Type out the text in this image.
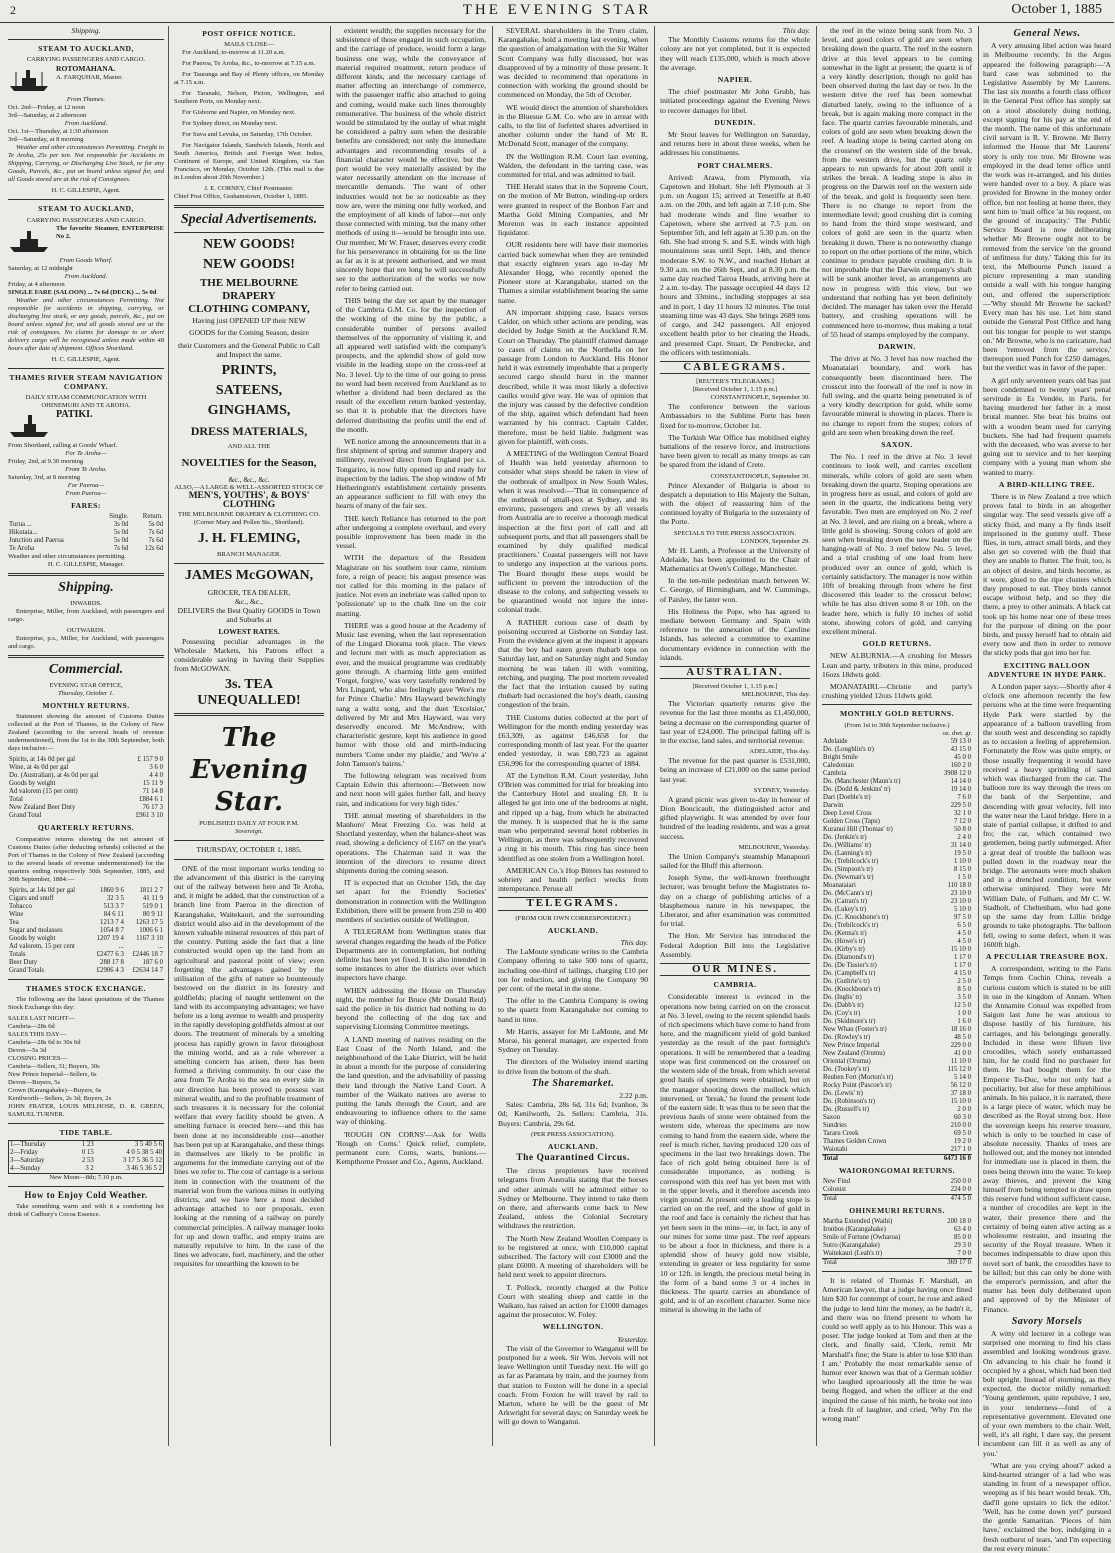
2	THE EVENING STAR	October 1, 1885
Shipping.
STEAM TO AUCKLAND,
CARRYING PASSENGERS AND CARGO.
ROTOMAHANA.
A. FARQUHAR, Master.
From Thames.
Oct. 2nd—Friday, at 12 noon
3rd—Saturday, at 2 afternoon
From Auckland.
Oct. 1st—Thursday, at 1:30 afternoon
3rd—Saturday, at 8 morning

Weather and other circumstances Permitting. Freight to Te Aroha, 25s per ton. Not responsible for Accidents in Shipping, Carrying, or Discharging Live Stock, or for any Goods, Parcels, &c., put on board unless signed for, and all Goods stored are at the risk of Consignees.

H. C. GILLESPIE, Agent.
STEAM TO AUCKLAND,
CARRYING PASSENGERS AND CARGO.
The favorite Steamer, ENTERPRISE No 2.
From Goods Wharf.
Saturday, at 12 midnight
From Auckland.
Friday, at 4 afternoon
SINGLE FARE (SALOON) ... 7s 6d (DECK) ... 5s 0d

Weather and other circumstances Permitting. Not responsible for accidents in shipping, carrying, or discharging live stock, or any goods, parcels, &c., put on board unless signed for, and all goods stored are at the risk of consignees. No claims for damage to or short delivery cargo will be recognised unless made within 48 hours after date of shipment. Offices Shortland.

H. C. GILLESPIE, Agent.
THAMES RIVER STEAM NAVIGATION COMPANY.
DAILY STEAM COMMUNICATION WITH OHINEMURI AND TE AROHA.
PATIKI.
From Shortland, calling at Goods' Wharf.
For Te Aroha—
Friday, 2nd, at 9.30 morning
From Te Aroha.
Saturday, 3rd, at 8 morning
For Paeroa—
From Paeroa—
FARES:
	Single.	Return.
Turua ...	3s 0d	5s 0d
Hikutaia...	5s 0d	7s 6d
Junction and Paeroa	5s 0d	7s 6d
Te Aroha	7s 6d	12s 6d
Weather and other circumstances permitting.
H. C. GILLESPIE, Manager.
Shipping.
INWARDS.

Enterprise, Miller, from Auckland, with passengers and cargo.

OUTWARDS.

Enterprise, p.s., Miller, for Auckland, with passengers and cargo.

Commercial.
EVENING STAR OFFICE,
Thursday, October 1.
MONTHLY RETURNS.

Statement showing the amount of Customs Duties collected at the Port of Thames, in the Colony of New Zealand (according to the several heads of revenue undermentioned), from the 1st to the 30th September, both days inclusive:—

Spirits, at 14s 0d per gal	£ 157 9 0
Wine, at 4s 0d per gal	3 6 0
Do. (Australian), at 4s 0d per gal	4 4 0
Goods by weight	15 11 9
Ad valorem (15 per cent)	71 14 8
Total	£884 6 1
New Zealand Beer Duty	76 17 3
Grand Total	£961 3 10
QUARTERLY RETURNS.

Comparative returns showing the net amount of Customs Duties (after deducting refunds) collected at the Port of Thames in the Colony of New Zealand (according to the several heads of revenue undermentioned) for the quarters ending respectively 30th September, 1885, and 30th September, 1884:—

Spirits, at 14s 0d per gal	1860 9 6	1811 2 7
Cigars and snuff	32 3 5	41 11 9
Tobacco	513 3 7	519 0 1
Wine	84 6 11	80 9 11
Tea	1213 7 4	1263 17 5
Sugar and molasses	1054 8 7	1006 6 1
Goods by weight	1207 19 4	1167 3 10
Ad valorem, 15 per cent	...	...
Totals	£2477 6 3	£2446 18 7
Beer Duty	288 17 8	187 6 0
Grand Totals	£2906 4 3	£2634 14 7
THAMES STOCK EXCHANGE.

The following are the latest quotations of the Thames Stock Exchange this day:

SALES LAST NIGHT—
Cambria—28s 6d
SALES THIS DAY—
Cambria—28s 6d to 30s 6d
Devon—5s 3d
CLOSING PRICES—
Cambria—Sellers, 31; Buyers, 30s
New Prince Imperial—Sellers, 6s
Devon—Buyers, 5s
Crown (Karangahake)—Buyers, 6s
Kenilworth—Sellers, 2s 3d; Buyers, 2s
JOHN FRATER, LOUIS MELHOSE, D. R. GREEN, SAMUEL TURNER.
TIDE TABLE.
1—Thursday	1 23	3 5 40 5 6
2—Friday	0 15	4 0 5 38 5 40
3—Saturday	2 53	3 17 5 36 5 12
4—Sunday	3 2	3 46 5 36 5 2
New Moon—8th; 7.10 p.m.
How to Enjoy Cold Weather.

Take something warm and with it a comforting hot drink of Cadbury's Cocoa Essence.

POST OFFICE NOTICE.
MAILS CLOSE—

For Auckland, to-morrow at 11.20 a.m.

For Paeroa, Te Aroha, &c., to-morrow at 7.15 a.m.

For Tauranga and Bay of Plenty offices, on Monday at 7.15 a.m.

For Taranaki, Nelson, Picton, Wellington, and Southern Ports, on Monday next.

For Gisborne and Napier, on Monday next.

For Sydney direct, on Monday next.

For Suva and Levuka, on Saturday, 17th October.

For Navigator Islands, Sandwich Islands, North and South America, British and Foreign West Indies, Continent of Europe, and United Kingdom, via San Francisco, on Monday, October 12th. (This mail is due in London about 20th November.)

J. E. CORNEY, Chief Postmaster.
Chief Post Office, Grahamstown, October 1, 1885.
Special Advertisements.
NEW GOODS!
NEW GOODS!
THE MELBOURNE DRAPERY
CLOTHING COMPANY,

Having just OPENED UP their NEW

GOODS for the Coming Season, desire

their Customers and the General Public to Call and Inspect the same.

PRINTS,
SATEENS,
GINGHAMS,
DRESS MATERIALS,
AND ALL THE
NOVELTIES for the Season,
&c., &c., &c.
ALSO,—A LARGE & WELL-ASSORTED STOCK OF
MEN'S, YOUTHS', & BOYS' CLOTHING
THE MELBOURNE DRAPERY & CLOTHING CO.
(Corner Mary and Pollen Sts., Shortland).
J. H. FLEMING,
BRANCH MANAGER.
JAMES McGOWAN,
GROCER, TEA DEALER,
&c., &c.,

DELIVERS the Best Quality GOODS in Town and Suburbs at

LOWEST RATES.

Possessing peculiar advantages in the Wholesale Markets, his Patrons effect a considerable saving in having their Supplies from McGOWAN.

3s. TEA UNEQUALLED!
The Evening Star.
PUBLISHED DAILY AT FOUR P.M.
Sovereign.
THURSDAY, OCTOBER 1, 1885.

ONE of the most important works tending to the advancement of this district is the carrying out of the railway between here and Te Aroha, and, it might be added, that the construction of a branch line from Paeroa in the direction of Karangahake, Waitekauri, and the surrounding district would also aid in the development of the known valuable mineral resources of this part of the country. Putting aside the fact that a line constructed would open up the land from an agricultural and pastoral point of view; even forgetting the advantages gained by the utilisation of the gifts of nature so bounteously bestowed on the district in its forestry and goldfields; placing of naught settlement on the land with its accompanying advantages; we have before us a long avenue to wealth and prosperity in the rapidly developing goldfields almost at our doors. The treatment of minerals by a smelting process has rapidly grown in favor throughout the mining world, and as a rule wherever a smelting concern has arisen, there has been formed a thriving community. In our case the area from Te Aroha to the sea on every side in our direction has been proved to possess vast mineral wealth, and to the profitable treatment of such treasures it is necessary for the colonial welfare that every facility should be given. A smelting furnace is erected here—and this has been done at no inconsiderable cost—another has been put up at Karangahake, and these things in themselves are likely to be prolific in arguments for the immediate carrying out of the lines we refer to. The cost of carriage is a serious item in connection with the treatment of the material won from the various mines in outlying districts, and we have here a most decided advantage attached to our proposals, even looking at the running of a railway on purely commercial principles. A railway manager looks for up and down traffic, and empty trains are naturally repulsive to him. In the case of the lines we advocate, fuel, machinery, and the other requisites for unearthing the known to be

existent wealth; the supplies necessary for the subsistence of those engaged in such occupation, and the carriage of produce, would form a large business one way, while the conveyance of material required treatment, return produce of different kinds, and the necessary carriage of matter affecting an interchange of commerce, with the passenger traffic also attached to going and coming, would make such lines thoroughly remunerative. The business of the whole district would be stimulated by the outlay of what might be considered a paltry sum when the desirable benefits are considered; not only the immediate advantages and recommending results of a financial character would be effective, but the port would be very materially assisted by the water necessarily attendant on the increase of mercantile demands. The want of other industries would not be so noticeable as they now are, were the mining one fully worked, and the employment of all kinds of labor—not only those connected with mining, but the many other methods of using it—would be brought into use. Our member, Mr W. Fraser, deserves every credit for his perseverance in obtaining for us the line as far as it is at present authorised, and we must sincerely hope that ere long he will successfully see to the authorization of the works we now refer to being carried out.

THIS being the day set apart by the manager of the Cambria G.M. Co. for the inspection of the working of the mine by the public, a considerable number of persons availed themselves of the opportunity of visiting it, and all appeared well satisfied with the company's prospects, and the splendid show of gold now visible in the leading stope on the cross-reef at No. 3 level. Up to the time of our going to press no word had been received from Auckland as to whether a dividend had been declared as the result of the excellent return banked yesterday, so that it is probable that the directors have deferred distributing the profits until the end of the month.

WE notice among the announcements that in a first shipment of spring and summer drapery and millinery, received direct from England per s.s. Tongariro, is now fully opened up and ready for inspection by the ladies. The shop window of Mr Hetherington's establishment certainly presents an appearance sufficient to fill with envy the hearts of many of the fair sex.

THE ketch Reliance has returned to the port after undergoing a complete overhaul, and every possible improvement has been made in the vessel.

WITH the departure of the Resident Magistrate on his southern tour came, nimium fore, a reign of peace; his august presence was not called for this morning in the palace of justice. Not even an inebriate was called upon to 'polissionate' up to the chalk line on the coir matting.

THERE was a good house at the Academy of Music last evening, when the last representation of the Lingard Diorama took place. The views and lecture met with as much appreciation as ever, and the musical programme was creditably gone through. A charming little gem entitled 'Forget, forgive,' was very tastefully rendered by Mrs Lingard, who also feelingly gave 'Wee's me for Prince Charlie.' Mrs Hayward bewitchingly sang a waltz song, and the duet 'Excelsior,' delivered by Mr and Mrs Hayward, was very deservedly encored. Mr McAndrew, with characteristic gesture, kept his audience in good humor with those old and mirth-inducing numbers 'Come under my plaidie,' and 'We're a' John Tamson's bairns.'

The following telegram was received from Captain Edwin this afternoon:—'Between now and next noon will gales further fall, and heavy rain, and indications for very high tides.'

THE annual meeting of shareholders in the Manhoro' Meat Freezing Co. was held at Shortland yesterday, when the balance-sheet was read, showing a deficiency of £167 on the year's operations. The Chairman said it was the intention of the directors to resume direct shipments during the coming season.

IT is expected that on October 15th, the day set apart for the Friendly Societies' demonstration in connection with the Wellington Exhibition, there will be present from 250 to 400 members of societies outside of Wellington.

A TELEGRAM from Wellington states that several changes regarding the heads of the Police Departments are in contemplation, but nothing definite has been yet fixed. It is also intended in some instances to alter the districts over which inspectors have charge.

WHEN addressing the House on Thursday night, the member for Bruce (Mr Donald Reid) said the police in his district had nothing to do beyond the collecting of the dog tax and supervising Licensing Committee meetings.

A LAND meeting of natives residing on the East Coast of the North Island, and the neighbourhood of the Lake District, will be held in about a month for the purpose of considering the land question, and the advisability of passing their land through the Native Land Court. A number of the Waikato natives are averse to putting the lands through the Court, and are endeavouring to influence others to the same way of thinking.

'ROUGH ON CORNS'—Ask for Wells 'Rough on Corns.' Quick relief, complete, permanent cure. Corns, warts, bunions.—Kempthorne Prosser and Co., Agents, Auckland.

SEVERAL shareholders in the Truro claim, Karangahake, hold a meeting last evening, when the question of amalgamation with the Sir Walter Scott Company was fully discussed, but was disapproved of by a minority of those present. It was decided to recommend that operations in connection with working the ground should be commenced on Monday, the 5th of October.

WE would direct the attention of shareholders in the Bluesue G.M. Co. who are in arrear with calls, to the list of forfeited shares advertised in another column under the hand of Mr R. McDonald Scott, manager of the company.

IN the Wellington R.M. Court last evening, Walden, the defendant in the tarring case, was committed for trial, and was admitted to bail.

THE Herald states that in the Supreme Court, on the motion of Mr Button, winding-up orders were granted in respect of the Bonbon Farr and Martha Gold Mining Companies, and Mr Moreton was in each instance appointed liquidator.

OUR residents here will have their memories carried back somewhat when they are reminded that exactly eighteen years ago to-day Mr Alexander Hogg, who recently opened the Pioneer store at Karangahake, started on the Thames a similar establishment bearing the same name.

AN important shipping case, Isaacs versus Calder, on which other actions are pending, was decided by Judge Smith at the Auckland R.M. Court on Thursday. The plaintiff claimed damage to cases of claims on the Northella on her passage from London to Auckland. His Honor held it was extremely improbable that a properly secured cargo should burst in the manner described, while it was most likely a defective caulks would give way. He was of opinion that the injury was caused by the defective condition of the ship, against which defendant had been warranted by his contract. Captain Calder, therefore, must be held liable. Judgment was given for plaintiff, with costs.

A MEETING of the Wellington Central Board of Health was held yesterday afternoon to consider what steps should be taken in view of the outbreak of smallpox in New South Wales, when it was resolved:—'That in consequence of the outbreak of small-pox at Sydney, and its environs, passengers and crews by all vessels from Australia are to receive a thorough medical inspection at the first port of call and all subsequent ports, and that all passengers shall be examined by duly qualified medical practitioners.' Coastal passengers will not have to undergo any inspection at the various ports. The Board thought these steps would be sufficient to prevent the introduction of the disease to the colony, and subjecting vessels to be quarantined would not injure the inter-colonial trade.

A RATHER curious case of death by poisoning occurred at Gisborne on Sunday last. From the evidence given at the inquest it appears that the boy had eaten green rhubarb tops on Saturday last, and on Saturday night and Sunday morning he was taken ill with vomiting, retching, and purging. The post mortem revealed the fact that the irritation caused by eating rhubarb had occasioned the boy's death, causing congestion of the brain.

THE Customs duties collected at the port of Wellington for the month ending yesterday was £63,309, as against £46,658 for the corresponding month of last year. For the quarter ended yesterday, it was £80,723 as against £56,996 for the corresponding quarter of 1884.

AT the Lyttelton R.M. Court yesterday, John O'Brien was committed for trial for breaking into the Canterbury Hotel and stealing £8. It is alleged he got into one of the bedrooms at night, and ripped up a bag, from which he abstracted the money. It is suspected that he is the same man who perpetrated several hotel robberies in Wellington, as there was subsequently recovered a ring in his mouth. This ring has since been identified as one stolen from a Wellington hotel.

AMERICAN Co.'s Hop Bitters has restored to sobriety and health perfect wrecks from intemperance. Peruse all

TELEGRAMS.
(FROM OUR OWN CORRESPONDENT.)
AUCKLAND.
This day.

The LaMoute syndicate writes to the Cambria Company offering to take 500 tons of quartz, including one-third of tailings, charging £10 per ton for reduction, and giving the Company 90 per cent. of the metal in the stone.

The offer to the Cambria Company is owing to the quartz from Karangahake not coming to hand in time.

Mr Harris, assayer for Mr LaMoute, and Mr Morse, his general manager, are expected from Sydney on Tuesday.

The directors of the Wolseley intend starting to drive from the bottom of the shaft.

The Sharemarket.
2.22 p.m.

Sales: Cambria, 28s 6d, 31s 6d; Ivanhoe, 3s 0d; Kenilworth, 2s. Sellers: Cambria, 31s. Buyers: Cambria, 29s 6d.

(PER PRESS ASSOCIATION).
AUCKLAND.
The Quarantined Circus.

The circus proprietors have received telegrams from Australia stating that the horses and other animals will be admitted either to Sydney or Melbourne. They intend to take them on there, and afterwards come back to New Zealand, unless the Colonial Secretary withdraws the restriction.

The North New Zealand Woollen Company is to be registered at once, with £10,000 capital subscribed. The factory will cost £3000 and the plant £6000. A meeting of shareholders will be held next week to appoint directors.

T. Pollock, recently charged at the Police Court with stealing sheep and cattle in the Waikato, has raised an action for £1000 damages against the prosecutor, W. Foley.

WELLINGTON.
Yesterday.

The visit of the Governor to Wanganui will be postponed for a week. Sir Wm. Jervois will not leave Wellington until Tuesday next. He will go as far as Paramata by train, and the journey from that station to Foxton will be done in a special coach. From Foxton he will travel by rail to Marton, where he will be the guest of Mr Arkwright for several days; on Saturday week he will go down to Wanganui.

This day.

The Monthly Customs returns for the whole colony are not yet completed, but it is expected they will reach £135,000, which is much above the average.

NAPIER.

The chief postmaster Mr John Grubb, has initiated proceedings against the Evening News to recover damages for libel.

DUNEDIN.

Mr Stout leaves for Wellington on Saturday, and returns here in about three weeks, when he addresses his constituents.

PORT CHALMERS.

Arrived: Arawa, from Plymouth, via Capetown and Hobart. She left Plymouth at 3 p.m. on August 15; arrived at Teneriffe at 8.40 a.m. on the 20th, and left again at 7.10 p.m. She had moderate winds and fine weather to Capetown, where she arrived at 7.5 p.m. on September 5th, and left again at 5.30 p.m. on the 6th. She had strong S. and S.E. winds with high mountainous seas until Sept. 14th, and thence moderate S.W. to N.W., and reached Hobart at 9.30 a.m. on the 26th Sept, and at 8.30 p.m. the same day reached Tairoa Heads, arriving here at 2 a.m. to-day. The passage occupied 44 days 12 hours and 33mins., including stoppages at sea and in port, 1 day 11 hours 32 minutes. The total steaming time was 43 days. She brings 2689 tons of cargo, and 242 passengers. All enjoyed excellent health prior to her clearing the Heads, and presented Capt. Stuart, Dr Pendrecke, and the officers with testimonials.

CABLEGRAMS.
[REUTER'S TELEGRAMS.]
[Received October 1, 1.15 p.m.]
CONSTANTINOPLE, September 30.

The conference between the various Ambassadors to the Sublime Porte has been fixed for to-morrow, October 1st.

The Turkish War Office has mobilised eighty battalions of the reserve force, and instructions have been given to recall as many troops as can be spared from the island of Crete.

CONSTANTINOPLE, September 30.

Prince Alexander of Bulgaria is about to despatch a deputation to His Majesty the Sultan, with the object of reassuring him of the continued loyalty of Bulgaria to the suzerainty of the Porte.

SPECIALS TO THE PRESS ASSOCIATION.
LONDON, September 29.

Mr H. Lamb, a Professor at the University of Adelaide, has been appointed to the Chair of Mathematics at Owen's College, Manchester.

In the ten-mile pedestrian match between W. C. George, of Birmingham, and W. Cummings, of Paisley, the latter won.

His Holiness the Pope, who has agreed to mediate between Germany and Spain with reference to the annexation of the Caroline Islands, has selected a committee to examine documentary evidence in connection with the islands.

AUSTRALIAN.
[Received October 1, 1.15 p.m.]
MELBOURNE, This day.

The Victorian quarterly returns give the revenue for the last three months as £1,450,000, being a decrease on the corresponding quarter of last year of £24,000. The principal falling off is in the excise, land sales, and territorial revenue.

ADELAIDE, This day.

The revenue for the past quarter is £531,000, being an increase of £21,000 on the same period last year.

SYDNEY, Yesterday.

A grand picnic was given to-day in honour of Dion Boucicault, the distinguished actor and gifted playwright. It was attended by over four hundred of the leading residents, and was a great success.

MELBOURNE, Yesterday.

The Union Company's steamship Manapouri sailed for the Bluff this afternoon.

Joseph Syme, the well-known freethought lecturer, was brought before the Magistrates to-day on a charge of publishing articles of a blasphemous nature in his newspaper, the Liberator, and after examination was committed for trial.

The Hon. Mr Service has introduced the Federal Adoption Bill into the Legislative Assembly.

OUR MINES.
CAMBRIA.

Considerable interest is evinced in the operations now being carried on on the crosscut at No. 3 level, owing to the recent splendid hauls of rich specimens which have come to hand from here, and the magnificent yield of gold banked yesterday as the result of the past fortnight's operations. It will be remembered that a leading stope was first commenced on the crossreef on the western side of the break, from which several good hauls of specimens were obtained, but on the manager shooting down the mullock which intervened, or 'break,' he found the present lode of the eastern side. It was thus to be seen that the previous hauls of stone were obtained from the western side, whereas the specimens are now coming to hand from the eastern side, where the reef is much richer, having produced 120 ozs of specimens in the last two breakings down. The face of rich gold being obtained here is of considerable importance, as nothing is correspond with this reef has yet been met with in the upper levels, and it therefore ascends into virgin ground. At present only a leading stope is carried on on the reef, and the show of gold in the roof and face is certainly the richest that has yet been seen in the mine—or, in fact, in any of our mines for some time past. The reef appears to be about a foot in thickness, and there is a splendid show of heavy gold now visible, extending in greater or less regularity for some 10 or 12ft. in length, the precious metal being in the form of a band some 3 or 4 inches in thickness. The quartz carries an abundance of gold, and is of an excellent character. Some nice mineral is showing in the laths of

the reef in the winze being sunk from No. 3 level, and good colors of gold are seen when breaking down the quartz. The reef in the eastern drive at this level appears to be coming somewhat in the light at present; the quartz is of a very kindly description, though no gold has been observed during the last day or two. In the western drive the reef has been somewhat disturbed lately, owing to the influence of a break, but is again making more compact in the face. The quartz carries favourable minerals, and colors of gold are seen when breaking down the reef. A leading stope is being carried along on the crossreef on the western side of the break, from the western drive, but the quartz only appears to run upwards for about 20ft until it strikes the break. A leading stope is also in progress on the Darwin reef on the western side of the break, and gold is frequently seen here. There is no change to report from the intermediate level; good crushing dirt is coming to hand from the third stope westward, and colors of gold are seen in the quartz when breaking it down. There is no noteworthy change to report on the other portions of the mine, which continue to produce payable crushing dirt. It is not improbable that the Darwin company's shaft will be sunk another level, as arrangements are now in progress with this view, but we understand that nothing has yet been definitely decided. The manager has taken over the Herald battery, and crushing operations will be commenced here to-morrow, thus making a total of 55 head of stamps employed by the company.

DARWIN.

The drive at No. 3 level has now reached the Moanataiari boundary, and work has consequently been discontinued here. The crosscut into the footwall of the reef is now in full swing, and the quartz being penetrated is of a very kindly description for gold, while some favourable mineral is showing in places. There is no change to report from the stopes; colors of gold are seen when breaking down the reef.

SAXON.

The No. 1 reef in the drive at No. 3 level continues to look well, and carries excellent minerals, while colors of gold are seen when breaking down the quartz. Stoping operations are in progress here as usual, and colors of gold are seen in the quartz, the indications being very favorable. Two men are employed on No. 2 reef at No. 3 level, and are rising on a break, where a little gold is showing. Strong colors of gold are seen when breaking down the new leader on the hanging-wall of No. 3 reef below No. 5 level, and a trial crushing of one load from here produced over an ounce of gold, which is certainly satisfactory. The manager is now within 10ft of breaking through from where he first discovered this leader to the crosscut below; while he has also driven some 8 or 10ft. on the leader here, which is fully 10 inches of solid stone, showing colors of gold, and carrying excellent mineral.

GOLD RETURNS.

NEW ALBURNIA.—A crushing for Messrs Lean and party, tributers in this mine, produced 16ozs 18dwts gold.

MOANATAIRI.—Christie and party's crushing yielded 12ozs 11dwts gold.

MONTHLY GOLD RETURNS.
(From 1st to 30th September inclusive.)
oz. dwt. gr.
Adelaide	59 13 0
Do. (Loughlin's tr)	43 15 0
Bright Smile	45 0 0
Caledonian	160 2 0
Cambria	3908 12 0
Do. (Manchester (Mann's tr)	14 14 0
Do. (Dodd & Jenkins' tr)	19 14 0
Dart (Doeble's tr)	7 6 0
Darwin	229 5 0
Deep Level Cross	32 1 0
Golden Cross (Tapu)	7 12 0
Kuranui Hill (Thomas' tr)	50 8 0
Do. (Jenkin's tr)	2 4 0
Do. (Williams' tr)	31 14 0
Do. (Lanning's tr)	19 5 0
Do. (Trebilcock's tr)	1 10 0
Do. (Simpson's tr)	8 15 0
Do. (Newman's tr)	1 5 0
Moanataiari	110 18 0
Do. (McCann's tr)	23 10 0
Do. (Catran's tr)	23 10 0
Do. (Lukey's tr)	5 10 0
Do. (C. Knockbone's tr)	97 5 0
Do. (Trebilcock's tr)	6 5 0
Do. (Kenna's tr)	4 5 0
Do. (Howe's tr)	4 5 0
Do. (Kirby's tr)	15 10 0
Do. (Diamond's tr)	1 17 0
Do. (De Tissier's tr)	1 17 0
Do. (Campbell's tr)	4 15 0
Do. (Guthrie's tr)	2 5 0
Do. (Knockbone's tr)	8 5 0
Do. (Inglis' tr)	3 5 0
Do. (Dabb's tr)	12 5 0
Do. (Coy's tr)	1 0 0
Do. (Skidmore's tr)	1 6 0
New Whau (Foster's tr)	18 16 0
Do. (Rowley's tr)	48 5 0
New Prince Imperial	229 0 0
New Zealand (Orumu)	41 0 0
Oriental (Orumu)	11 10 0
Do. (Tookey's tr)	115 12 0
Reuben Fort (Morton's tr)	5 14 0
Rocky Point (Pascoe's tr)	56 12 0
Do. (Lewis' tr)	37 18 0
Do. (Robinson's tr)	15 10 0
Do. (Russell's tr)	2 0 0
Saxon	60 3 0
Sundries	210 0 0
Tararu Creek	69 5 0
Thames Golden Crown	19 2 0
Waiotahi	217 1 0
Total	6473 16 0
WAIORONGOMAI RETURNS.
New Find	250 0 0
Colonist	224 0 0
Total	474 5 0
OHINEMURI RETURNS.
Martha Extended (Waihi)	200 18 0
Ironbos (Karangahake)	63 4 0
Smile of Fortune (Owharoa)	85 0 0
Sutro (Karangahake)	29 3 0
Waitekauri (Leah's tr)	7 0 0
Total	369 17 0

It is related of Thomas F. Marshall, an American lawyer, that a judge having once fined him $30 for contempt of court, he rose and asked the judge to lend him the money, as he hadn't it, and there was no friend present to whom he could so well apply as to his Honour. This was a poser. The judge looked at Tom and then at the clerk, and finally said, 'Clerk, remit Mr Marshall's fine; the State is abler to lose $30 than I am.' Probably the most remarkable sense of humor ever known was that of a German soldier who laughed uproariously all the time he was being flogged, and when the officer at the end inquired the cause of his mirth, he broke out into a fresh fit of laughter, and cried, 'Why I'm the wrong man!'

General News.

A very amusing libel action was heard in Melbourne recently. In the Argus appeared the following paragraph:—'A hard case was submitted to the Legislative Assembly by Mr Laurens. The last six months a fourth class officer in the General Post office has simply sat on a stool absolutely doing nothing, except signing for his pay at the end of the month. The name of this unfortunate civil servant is R. V. Browne. Mr Berry informed the House that Mr Laurens' story is only too true. Mr Browne was employed in the dead letter office until the work was re-arranged, and his duties were handed over to a boy. A place was provided for Browne in the money order office, but not feeling at home there, they sent him to 'mail office 'at his request, on the ground of incapacity.' The Public Service Board is now deliberating whether Mr Browne ought not to be removed from the service 'on the ground of unfitness for duty.' Taking this for its text, the Melbourne Punch issued a picture representing a man standing outside a wall with his tongue hanging out, and offered the superscription:—'Why should Mr Browne be sacked? Every man has his use. Let him stand outside the General Post Office and hang out his tongue for people to wet stamps on.' Mr Browne, who is no caricature, had been 'removed from the service,' thereupon sued Punch for £250 damages, but the verdict was in favor of the paper.

A girl only seventeen years old has just been condemned to twenty years' penal servitude in Es Vendée, in Paris, for having murdered her father in a most brutal manner. She beat his brains out with a wooden beam used for carrying buckets. She had had frequent quarrels with the deceased, who was averse to her going out to service and to her keeping company with a young man whom she wanted to marry.

A BIRD-KILLING TREE.

There is in New Zealand a tree which proves fatal to birds in an altogether singular way. The seed vessels give off a sticky fluid, and many a fly finds itself imprisoned in the gummy stuff. These flies, in turn, attract small birds, and they also get so covered with the fluid that they are unable to flutter. The fruit, too, is an object of desire, and birds become, as it were, glued to the ripe clusters which they proposed to eat. They birds cannot escape without help, and so they die there, a prey to other animals. A black cat took up his home near one of these trees for the purpose of dining on the poor birds, and pussy herself had to obtain aid every now and then in order to remove the sticky pods that got into her fur.

EXCITING BALLOON ADVENTURE IN HYDE PARK.

A London paper says:—Shortly after 4 o'clock one afternoon recently the few persons who at the time were frequenting Hyde Park were startled by the appearance of a balloon travelling from the south west and descending so rapidly as to occasion a feeling of apprehension. Fortunately the Row was quite empty, or those usually frequenting it would have received a heavy sprinkling of sand which was discharged from the car. The balloon tore its way through the trees on the bank of the Serpentine, and descending with great velocity, fell into the water near the Laud bridge. Here in a state of partial collapse, it drifted to and fro; the car, which contained two gentlemen, being partly submerged. After a great deal of trouble the balloon was pulled down in the roadway near the bridge. The aeronauts were much shaken and in a drenched condition, but were otherwise uninjured. They were Mr William Dale, of Fulham, and Mr C. W. Stadholt, of Cheltenham, who had gone up the same day from Lillie bridge grounds to take photographs. The balloon fell, owing to some defect, when it was 1600ft high.

A PECULIAR TREASURE BOX.

A correspondent, writing to the Paris Temps from Cochin China, reveals a curious custom which is stated to be still in use in the kingdom of Annam. When the Annamite Consul was expelled from Saigon last June he was anxious to dispose hastily of his furniture, his carriages, and his belongings generally. Included in these were fifteen live crocodiles, which sorely embarrassed him, for he could find no purchaser for them. He had bought them for the Emperor Tu-Duc, who not only had a peculiarity, but also for these amphibious animals. In his palace, it is narrated, there is a large piece of water, which may be described as the Royal strong box. Here the sovereign keeps his reserve treasure, which is only to be touched in case of absolute necessity. Thanks of trees are hollowed out, and the money not intended for immediate use is placed in them, the trees being thrown into the water. To keep away thieves, and prevent the king himself from being tempted to draw upon this reserve fund without sufficient cause, a number of crocodiles are kept in the water, their presence there and the certainty of being eaten alive acting as a wholesome restraint, and insuring the security of the Royal treasure. When it becomes indispensable to draw upon this novel sort of bank, the crocodiles have to be killed; but this can only be done with the emperor's permission, and after the matter has been duly deliberated upon and approved of by the Minister of Finance.

Savory Morsels

A witty old lecturer in a college was surprised one morning to find his class assembled and looking wondrous grave. On advancing to his chair he found it occupied by a ghost, which had been tied bolt upright. Instead of storming, as they expected, the doctor mildly remarked: 'Young gentlemen, quite repulsive, I see, in your tenderness—fond of a representative government. Elevated one of your own members to the chair. Well, well, it's all right, I dare say, the present incumbent can fill it as well as any of you.'

'What are you crying about?' asked a kind-hearted stranger of a lad who was standing in front of a newspaper office, weeping as if his heart would break. 'Oh, dad'll gone upstairs to lick the editor.' 'Well, has he come down yet?' pursued the gentle Samaritan. 'Pieces of him have,' exclaimed the boy, indulging in a fresh outburst of tears, 'and I'm expecting the rest every minute.'
